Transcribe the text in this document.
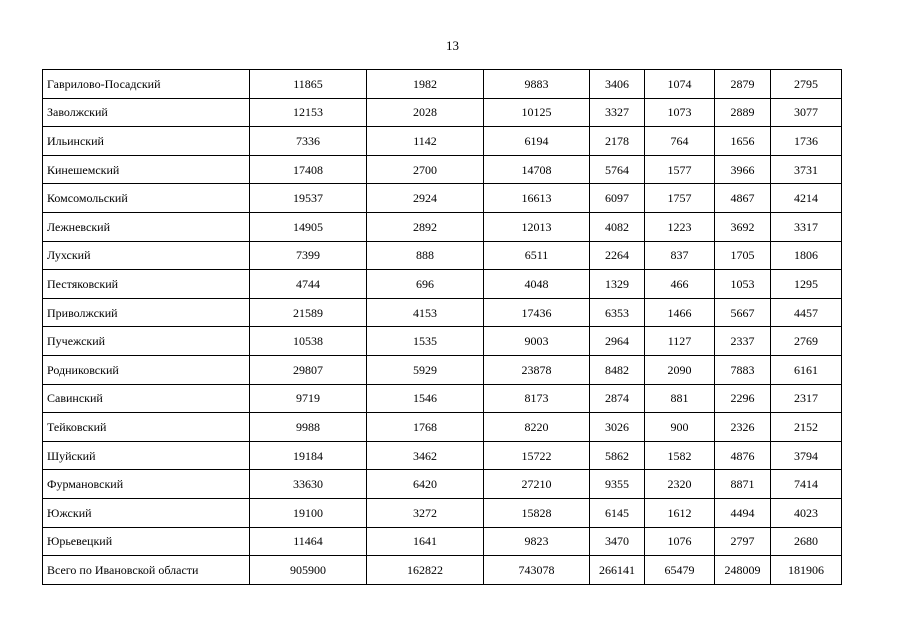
13
Гаврилово-Посадский	11865	1982	9883	3406	1074	2879	2795
Заволжский	12153	2028	10125	3327	1073	2889	3077
Ильинский	7336	1142	6194	2178	764	1656	1736
Кинешемский	17408	2700	14708	5764	1577	3966	3731
Комсомольский	19537	2924	16613	6097	1757	4867	4214
Лежневский	14905	2892	12013	4082	1223	3692	3317
Лухский	7399	888	6511	2264	837	1705	1806
Пестяковский	4744	696	4048	1329	466	1053	1295
Приволжский	21589	4153	17436	6353	1466	5667	4457
Пучежский	10538	1535	9003	2964	1127	2337	2769
Родниковский	29807	5929	23878	8482	2090	7883	6161
Савинский	9719	1546	8173	2874	881	2296	2317
Тейковский	9988	1768	8220	3026	900	2326	2152
Шуйский	19184	3462	15722	5862	1582	4876	3794
Фурмановский	33630	6420	27210	9355	2320	8871	7414
Южский	19100	3272	15828	6145	1612	4494	4023
Юрьевецкий	11464	1641	9823	3470	1076	2797	2680
Всего по Ивановской области	905900	162822	743078	266141	65479	248009	181906
